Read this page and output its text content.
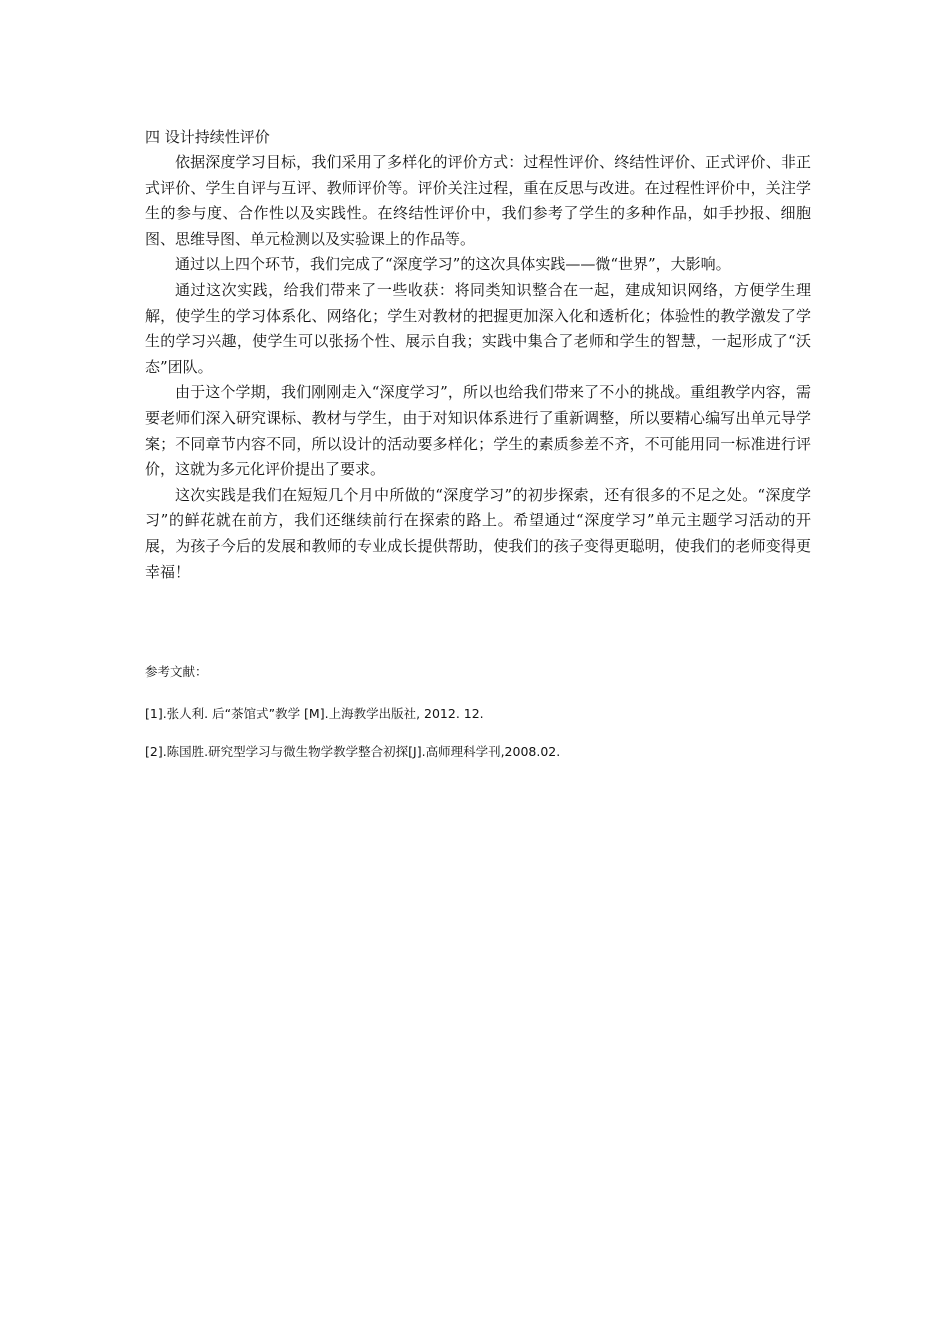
四 设计持续性评价

依据深度学习目标，我们采用了多样化的评价方式：过程性评价、终结性评价、正式评价、非正式评价、学生自评与互评、教师评价等。评价关注过程，重在反思与改进。在过程性评价中，关注学生的参与度、合作性以及实践性。在终结性评价中，我们参考了学生的多种作品，如手抄报、细胞图、思维导图、单元检测以及实验课上的作品等。

通过以上四个环节，我们完成了“深度学习”的这次具体实践——微“世界”，大影响。

通过这次实践，给我们带来了一些收获：将同类知识整合在一起，建成知识网络，方便学生理解，使学生的学习体系化、网络化；学生对教材的把握更加深入化和透析化；体验性的教学激发了学生的学习兴趣，使学生可以张扬个性、展示自我；实践中集合了老师和学生的智慧，一起形成了“沃态”团队。

由于这个学期，我们刚刚走入“深度学习”，所以也给我们带来了不小的挑战。重组教学内容，需要老师们深入研究课标、教材与学生，由于对知识体系进行了重新调整，所以要精心编写出单元导学案；不同章节内容不同，所以设计的活动要多样化；学生的素质参差不齐，不可能用同一标准进行评价，这就为多元化评价提出了要求。

这次实践是我们在短短几个月中所做的“深度学习”的初步探索，还有很多的不足之处。“深度学习”的鲜花就在前方，我们还继续前行在探索的路上。希望通过“深度学习”单元主题学习活动的开展，为孩子今后的发展和教师的专业成长提供帮助，使我们的孩子变得更聪明，使我们的老师变得更幸福！

参考文献：

[1].张人利. 后“茶馆式”教学 [M].上海教学出版社, 2012. 12.

[2].陈国胜.研究型学习与微生物学教学整合初探[J].高师理科学刊,2008.02.
